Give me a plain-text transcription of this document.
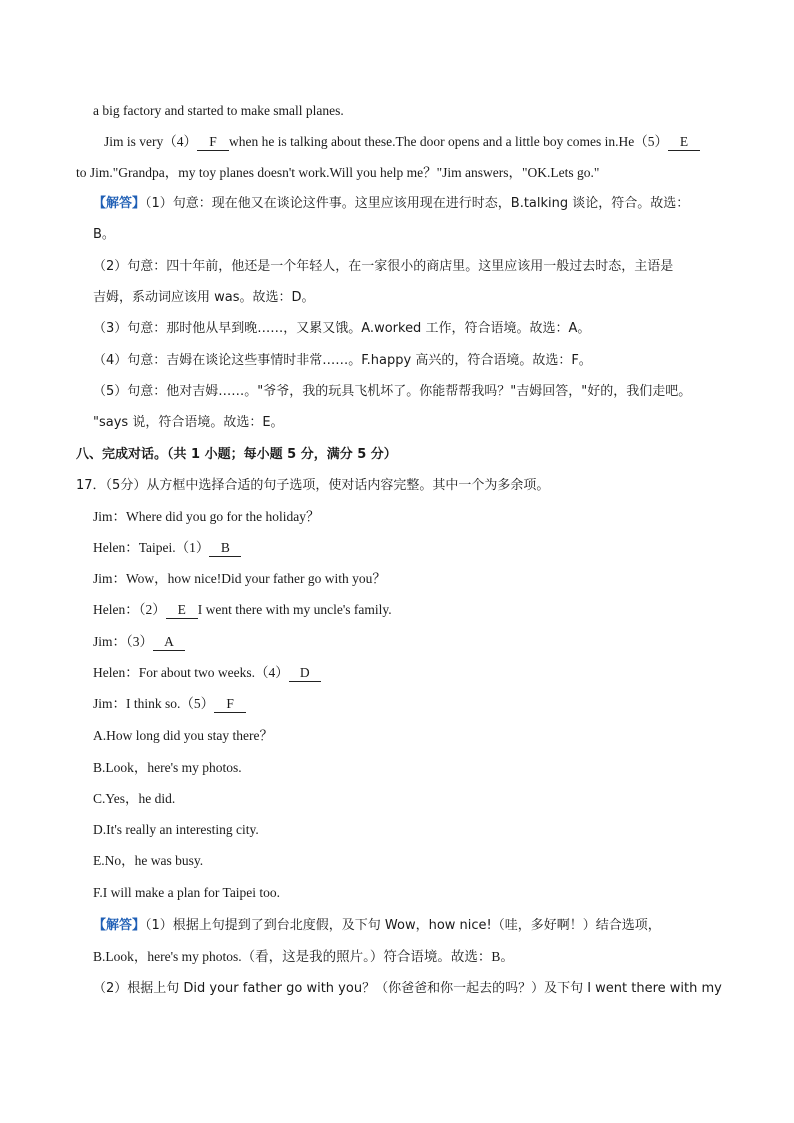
a big factory and started to make small planes.
Jim is very（4） F when he is talking about these.The door opens and a little boy comes in.He（5） E
to Jim."Grandpa，my toy planes doesn't work.Will you help me？"Jim answers，"OK.Lets go."
【解答】（1）句意：现在他又在谈论这件事。这里应该用现在进行时态，B.talking 谈论，符合。故选：
B。
（2）句意：四十年前，他还是一个年轻人，在一家很小的商店里。这里应该用一般过去时态，主语是
吉姆，系动词应该用 was。故选：D。
（3）句意：那时他从早到晚……，又累又饿。A.worked 工作，符合语境。故选：A。
（4）句意：吉姆在谈论这些事情时非常……。F.happy 高兴的，符合语境。故选：F。
（5）句意：他对吉姆……。"爷爷，我的玩具飞机坏了。你能帮帮我吗？"吉姆回答，"好的，我们走吧。
"says 说，符合语境。故选：E。
八、完成对话。（共 1 小题；每小题 5 分，满分 5 分）
17．（5分）从方框中选择合适的句子选项，使对话内容完整。其中一个为多余项。
Jim：Where did you go for the holiday？
Helen：Taipei.（1） B
Jim：Wow，how nice!Did your father go with you？
Helen：（2） E I went there with my uncle's family.
Jim：（3） A
Helen：For about two weeks.（4） D
Jim：I think so.（5） F
A.How long did you stay there？
B.Look，here's my photos.
C.Yes，he did.
D.It's really an interesting city.
E.No，he was busy.
F.I will make a plan for Taipei too.
【解答】（1）根据上句提到了到台北度假，及下句 Wow，how nice!（哇，多好啊！）结合选项，
B.Look，here's my photos.（看，这是我的照片。）符合语境。故选：B。
（2）根据上句 Did your father go with you？（你爸爸和你一起去的吗？）及下句 I went there with my
